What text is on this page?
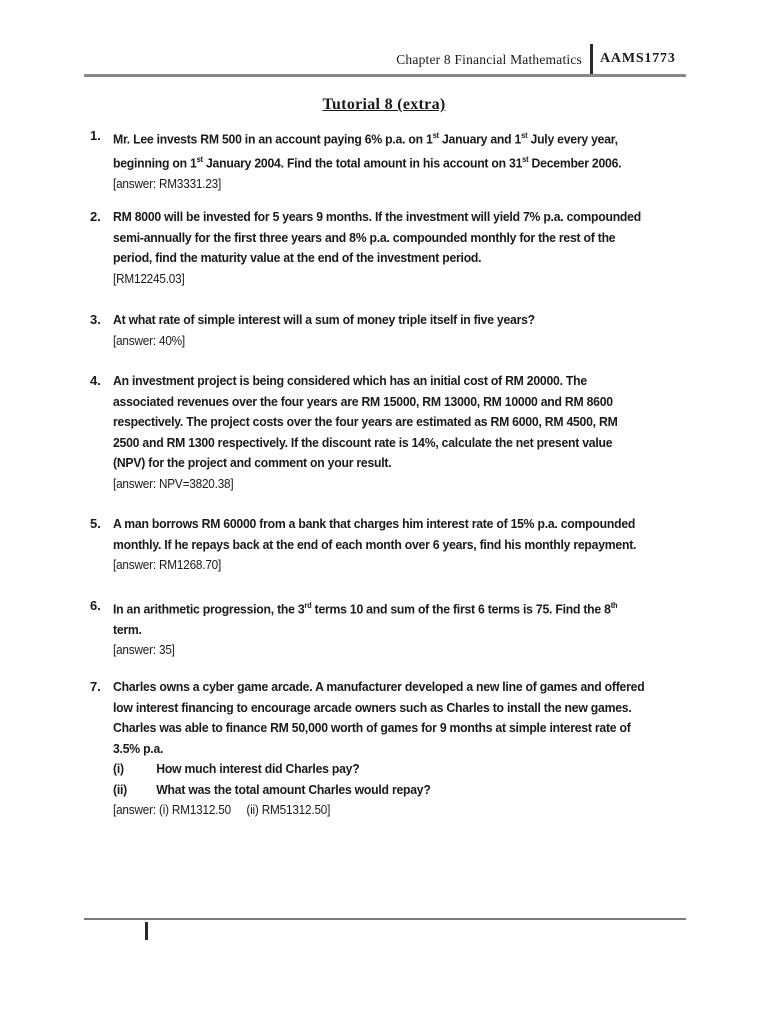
Chapter 8 Financial Mathematics AAMS1773
Tutorial 8 (extra)
1. Mr. Lee invests RM 500 in an account paying 6% p.a. on 1st January and 1st July every year,
beginning on 1st January 2004. Find the total amount in his account on 31st December 2006.
[answer: RM3331.23]
2. RM 8000 will be invested for 5 years 9 months. If the investment will yield 7% p.a. compounded
semi-annually for the first three years and 8% p.a. compounded monthly for the rest of the
period, find the maturity value at the end of the investment period.
[RM12245.03]
3. At what rate of simple interest will a sum of money triple itself in five years?
[answer: 40%]
4. An investment project is being considered which has an initial cost of RM 20000. The
associated revenues over the four years are RM 15000, RM 13000, RM 10000 and RM 8600
respectively. The project costs over the four years are estimated as RM 6000, RM 4500, RM
2500 and RM 1300 respectively. If the discount rate is 14%, calculate the net present value
(NPV) for the project and comment on your result.
[answer: NPV=3820.38]
5. A man borrows RM 60000 from a bank that charges him interest rate of 15% p.a. compounded
monthly. If he repays back at the end of each month over 6 years, find his monthly repayment.
[answer: RM1268.70]
6. In an arithmetic progression, the 3rd terms 10 and sum of the first 6 terms is 75. Find the 8th
term.
[answer: 35]
7. Charles owns a cyber game arcade. A manufacturer developed a new line of games and offered
low interest financing to encourage arcade owners such as Charles to install the new games.
Charles was able to finance RM 50,000 worth of games for 9 months at simple interest rate of
3.5% p.a.
(i) How much interest did Charles pay?
(ii) What was the total amount Charles would repay?
[answer: (i) RM1312.50     (ii) RM51312.50]
